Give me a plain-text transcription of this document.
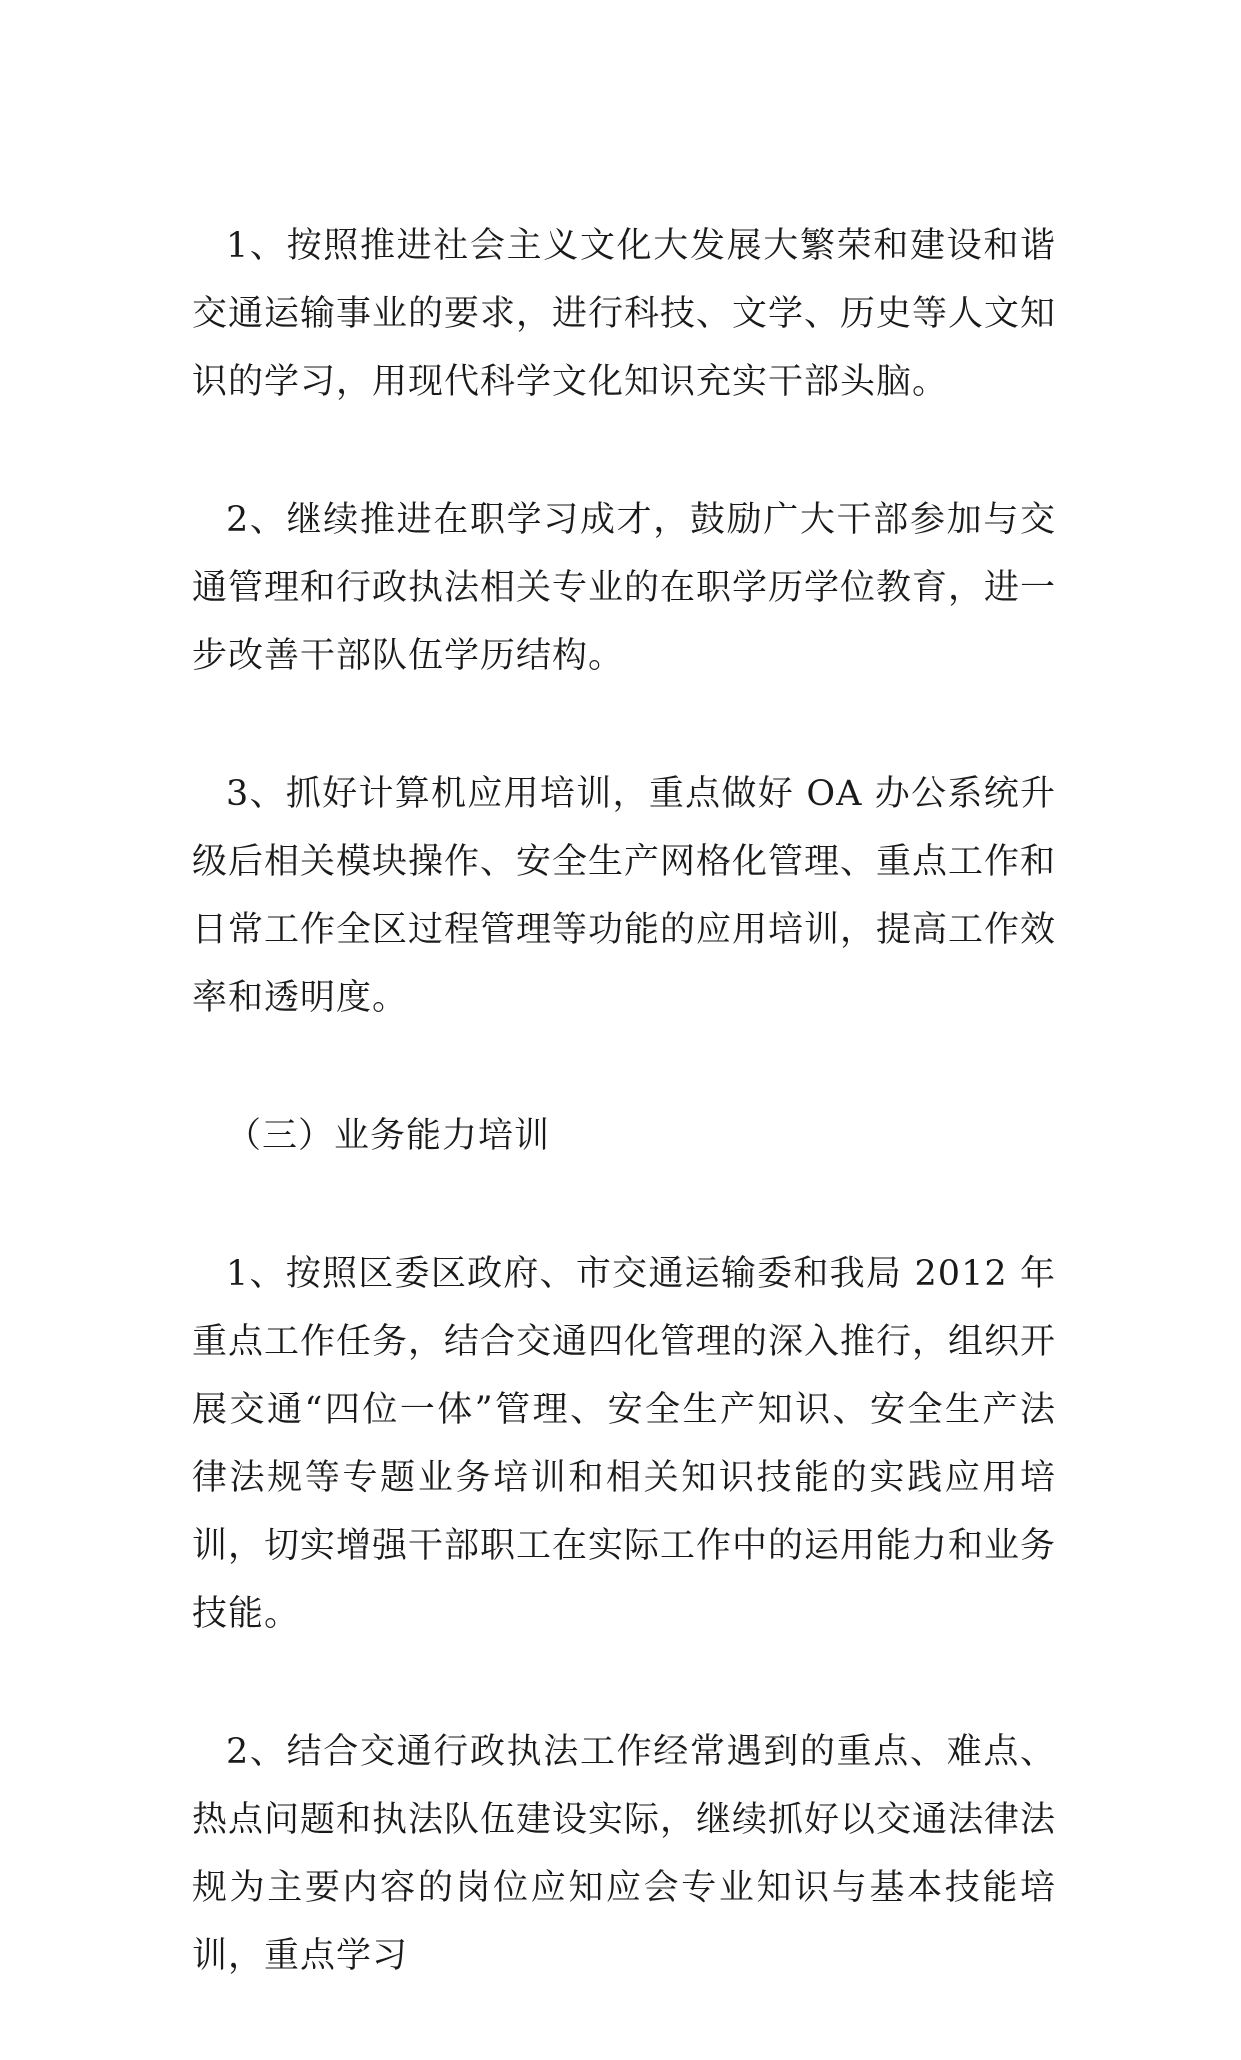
1、按照推进社会主义文化大发展大繁荣和建设和谐交通运输事业的要求，进行科技、文学、历史等人文知识的学习，用现代科学文化知识充实干部头脑。

2、继续推进在职学习成才，鼓励广大干部参加与交通管理和行政执法相关专业的在职学历学位教育，进一步改善干部队伍学历结构。

3、抓好计算机应用培训，重点做好 OA 办公系统升级后相关模块操作、安全生产网格化管理、重点工作和日常工作全区过程管理等功能的应用培训，提高工作效率和透明度。

（三）业务能力培训

1、按照区委区政府、市交通运输委和我局 2012 年重点工作任务，结合交通四化管理的深入推行，组织开展交通“四位一体”管理、安全生产知识、安全生产法律法规等专题业务培训和相关知识技能的实践应用培训，切实增强干部职工在实际工作中的运用能力和业务技能。

2、结合交通行政执法工作经常遇到的重点、难点、热点问题和执法队伍建设实际，继续抓好以交通法律法规为主要内容的岗位应知应会专业知识与基本技能培训，重点学习
